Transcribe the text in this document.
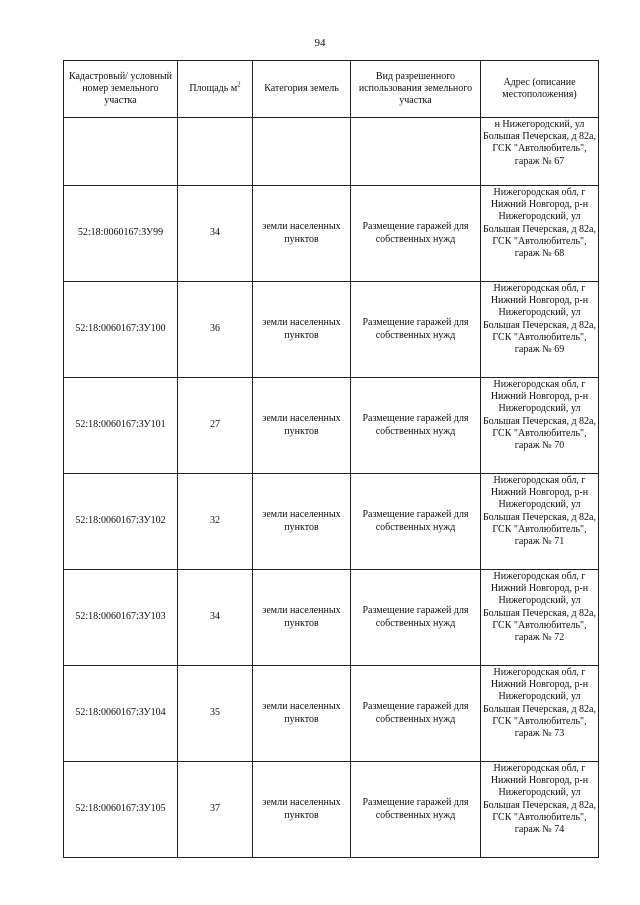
94
Кадастровый/ условный номер земельного участка	Площадь $м^2$	Категория земель	Вид разрешенного использования земельного участка	Адрес (описание местоположения)
				н Нижегородский, ул Большая Печерская, д 82а, ГСК "Автолюбитель", гараж № 67
52:18:0060167:ЗУ99	34	земли населенных пунктов	Размещение гаражей для собственных нужд	Нижегородская обл, г Нижний Новгород, р-н Нижегородский, ул Большая Печерская, д 82а, ГСК "Автолюбитель", гараж № 68
52:18:0060167:ЗУ100	36	земли населенных пунктов	Размещение гаражей для собственных нужд	Нижегородская обл, г Нижний Новгород, р-н Нижегородский, ул Большая Печерская, д 82а, ГСК "Автолюбитель", гараж № 69
52:18:0060167:ЗУ101	27	земли населенных пунктов	Размещение гаражей для собственных нужд	Нижегородская обл, г Нижний Новгород, р-н Нижегородский, ул Большая Печерская, д 82а, ГСК "Автолюбитель", гараж № 70
52:18:0060167:ЗУ102	32	земли населенных пунктов	Размещение гаражей для собственных нужд	Нижегородская обл, г Нижний Новгород, р-н Нижегородский, ул Большая Печерская, д 82а, ГСК "Автолюбитель", гараж № 71
52:18:0060167:ЗУ103	34	земли населенных пунктов	Размещение гаражей для собственных нужд	Нижегородская обл, г Нижний Новгород, р-н Нижегородский, ул Большая Печерская, д 82а, ГСК "Автолюбитель", гараж № 72
52:18:0060167:ЗУ104	35	земли населенных пунктов	Размещение гаражей для собственных нужд	Нижегородская обл, г Нижний Новгород, р-н Нижегородский, ул Большая Печерская, д 82а, ГСК "Автолюбитель", гараж № 73
52:18:0060167:ЗУ105	37	земли населенных пунктов	Размещение гаражей для собственных нужд	Нижегородская обл, г Нижний Новгород, р-н Нижегородский, ул Большая Печерская, д 82а, ГСК "Автолюбитель", гараж № 74
